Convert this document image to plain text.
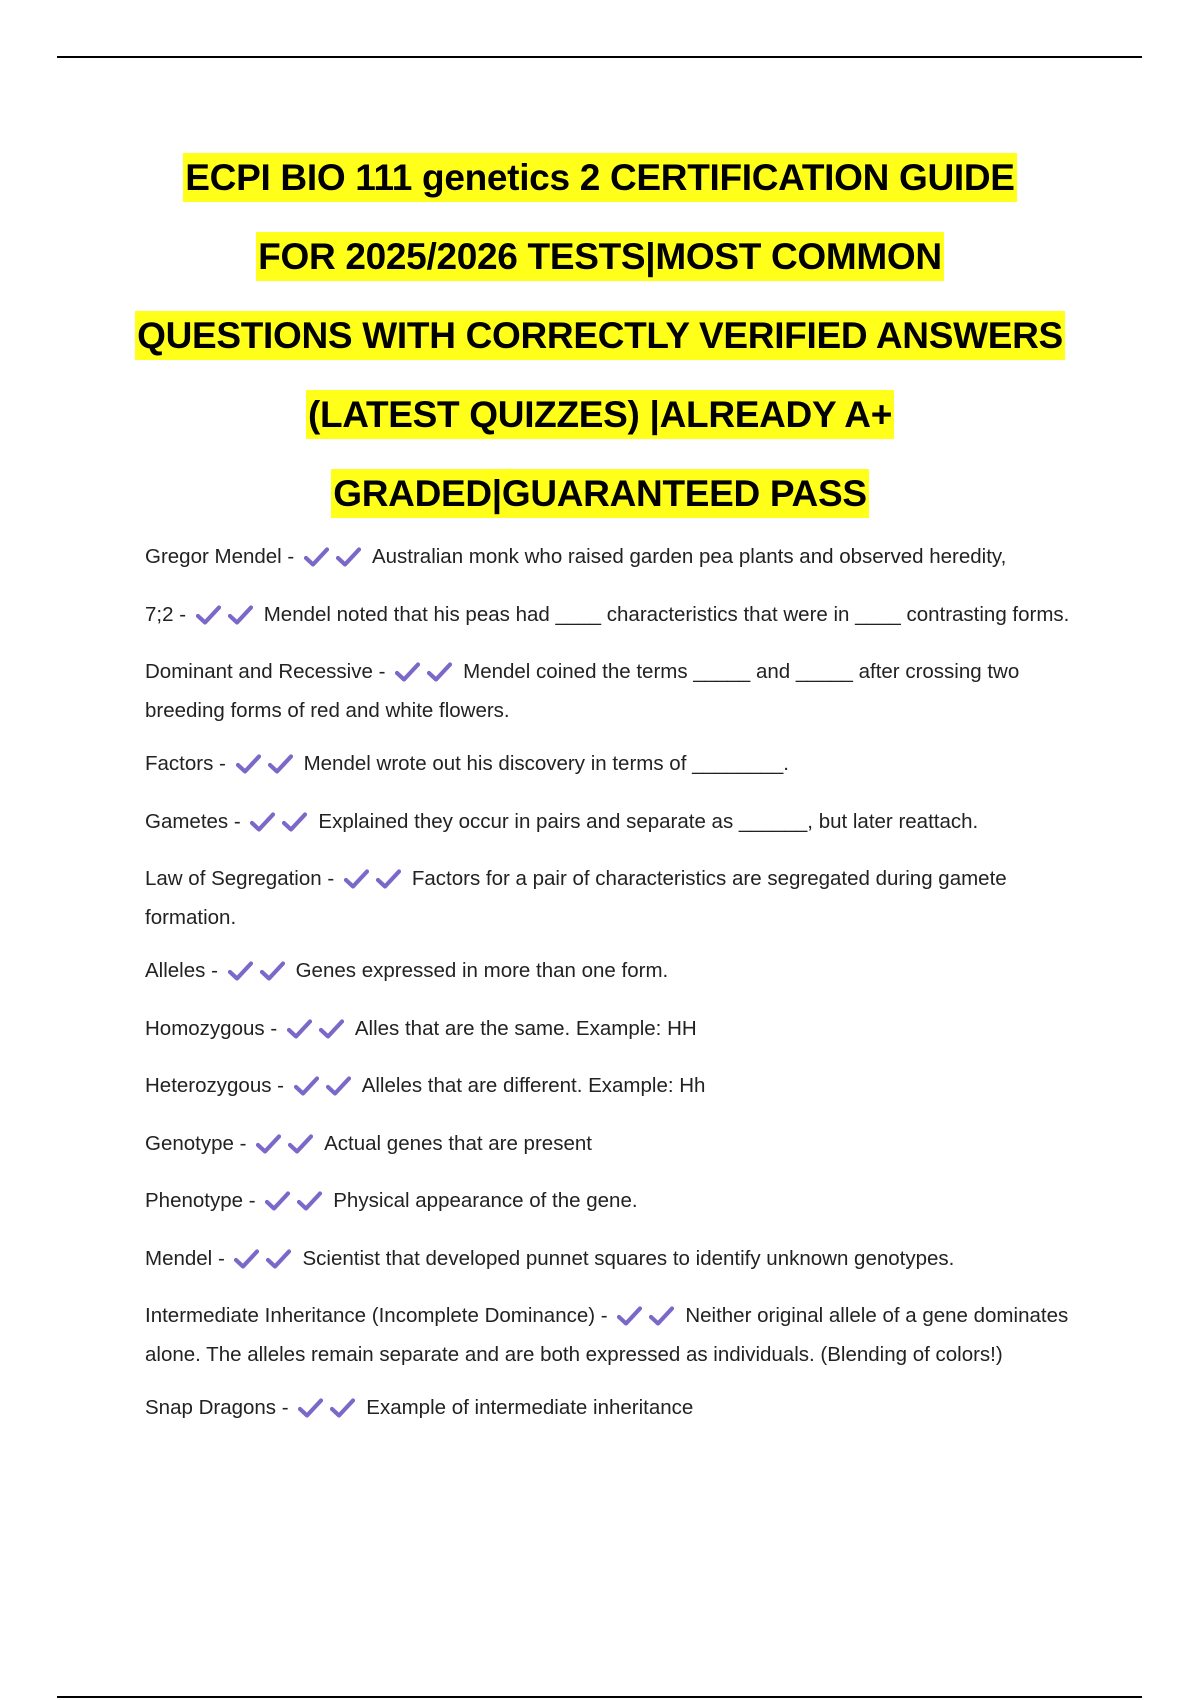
ECPI BIO 111 genetics 2 CERTIFICATION GUIDE
FOR 2025/2026 TESTS|MOST COMMON
QUESTIONS WITH CORRECTLY VERIFIED ANSWERS
(LATEST QUIZZES) |ALREADY A+
GRADED|GUARANTEED PASS

Gregor Mendel -	Australian monk who raised garden pea plants and observed heredity,

7;2 -	Mendel noted that his peas had ____ characteristics that were in ____ contrasting forms.

Dominant and Recessive -	Mendel coined the terms _____ and _____ after crossing two breeding forms of red and white flowers.

Factors -	Mendel wrote out his discovery in terms of ________.

Gametes -	Explained they occur in pairs and separate as ______, but later reattach.

Law of Segregation -	Factors for a pair of characteristics are segregated during gamete formation.

Alleles -	Genes expressed in more than one form.

Homozygous -	Alles that are the same. Example: HH

Heterozygous -	Alleles that are different. Example: Hh

Genotype -	Actual genes that are present

Phenotype -	Physical appearance of the gene.

Mendel -	Scientist that developed punnet squares to identify unknown genotypes.

Intermediate Inheritance (Incomplete Dominance) -	Neither original allele of a gene dominates alone. The alleles remain separate and are both expressed as individuals. (Blending of colors!)

Snap Dragons -	Example of intermediate inheritance
